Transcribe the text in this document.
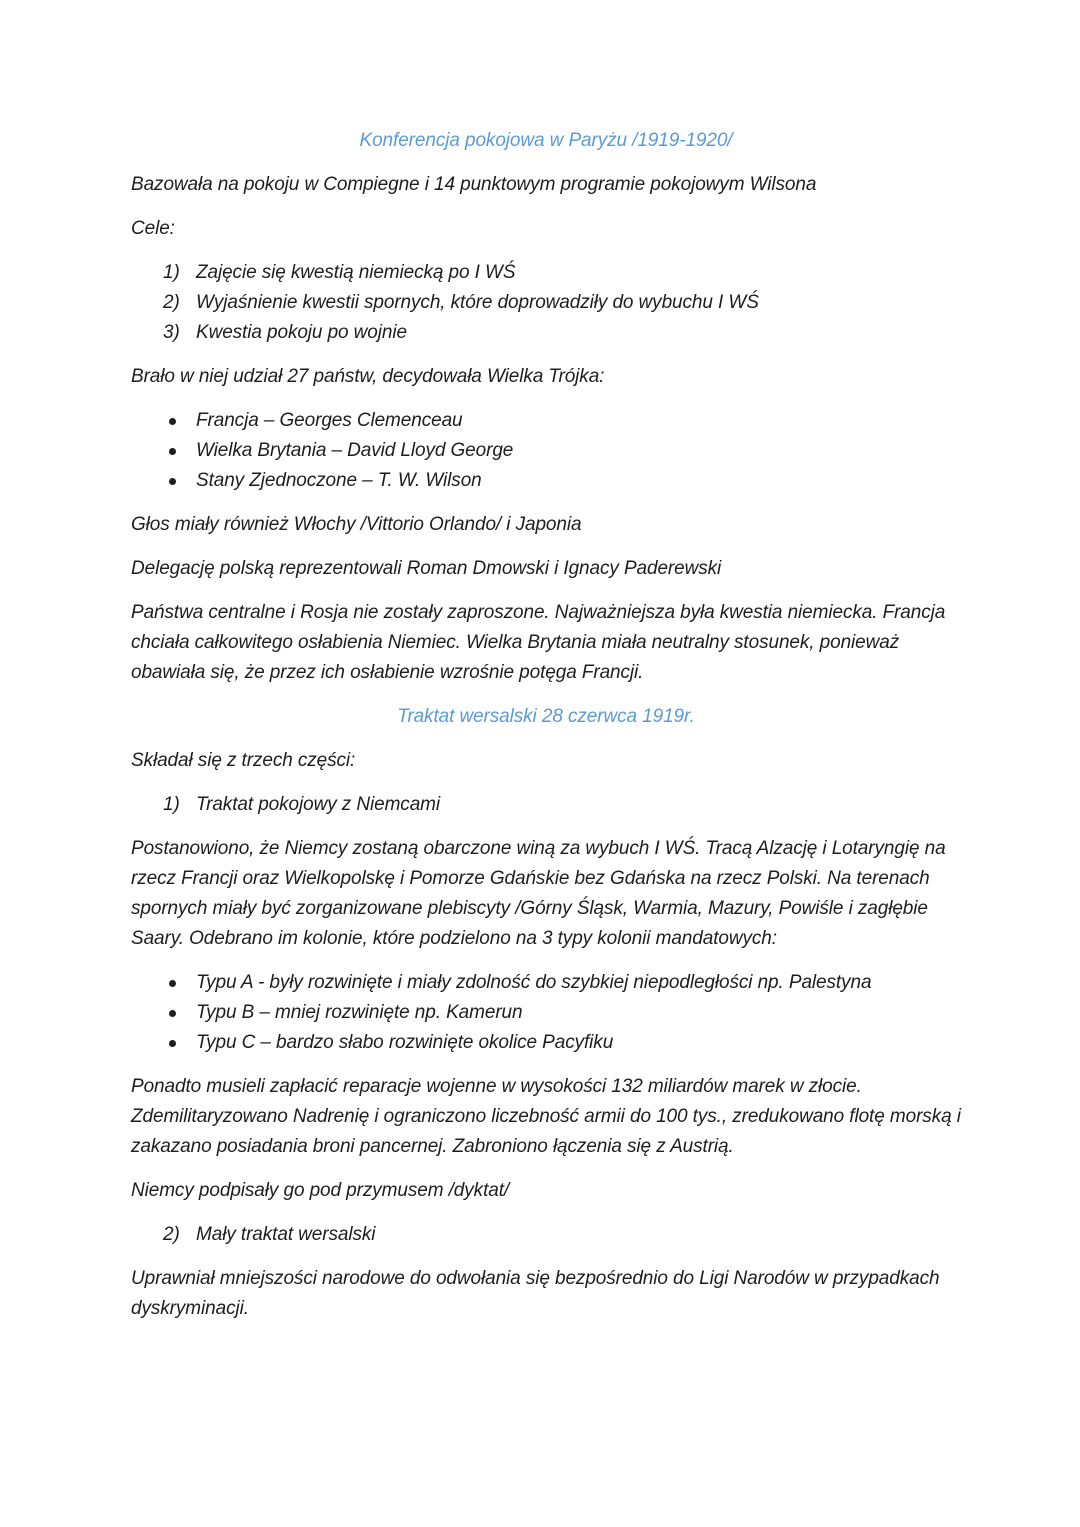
Konferencja pokojowa w Paryżu /1919-1920/

Bazowała na pokoju w Compiegne i 14 punktowym programie pokojowym Wilsona

Cele:

1) Zajęcie się kwestią niemiecką po I WŚ
2) Wyjaśnienie kwestii spornych, które doprowadziły do wybuchu I WŚ
3) Kwestia pokoju po wojnie

Brało w niej udział 27 państw, decydowała Wielka Trójka:

Francja – Georges Clemenceau
Wielka Brytania – David Lloyd George
Stany Zjednoczone – T. W. Wilson

Głos miały również Włochy /Vittorio Orlando/ i Japonia

Delegację polską reprezentowali Roman Dmowski i Ignacy Paderewski

Państwa centralne i Rosja nie zostały zaproszone. Najważniejsza była kwestia niemiecka. Francja chciała całkowitego osłabienia Niemiec. Wielka Brytania miała neutralny stosunek, ponieważ obawiała się, że przez ich osłabienie wzrośnie potęga Francji.

Traktat wersalski 28 czerwca 1919r.

Składał się z trzech części:

1) Traktat pokojowy z Niemcami

Postanowiono, że Niemcy zostaną obarczone winą za wybuch I WŚ. Tracą Alzację i Lotaryngię na rzecz Francji oraz Wielkopolskę i Pomorze Gdańskie bez Gdańska na rzecz Polski. Na terenach spornych miały być zorganizowane plebiscyty /Górny Śląsk, Warmia, Mazury, Powiśle i zagłębie Saary. Odebrano im kolonie, które podzielono na 3 typy kolonii mandatowych:

Typu A - były rozwinięte i miały zdolność do szybkiej niepodległości np. Palestyna
Typu B – mniej rozwinięte np. Kamerun
Typu C – bardzo słabo rozwinięte okolice Pacyfiku

Ponadto musieli zapłacić reparacje wojenne w wysokości 132 miliardów marek w złocie. Zdemilitaryzowano Nadrenię i ograniczono liczebność armii do 100 tys., zredukowano flotę morską i zakazano posiadania broni pancernej. Zabroniono łączenia się z Austrią.

Niemcy podpisały go pod przymusem /dyktat/

2) Mały traktat wersalski

Uprawniał mniejszości narodowe do odwołania się bezpośrednio do Ligi Narodów w przypadkach dyskryminacji.
